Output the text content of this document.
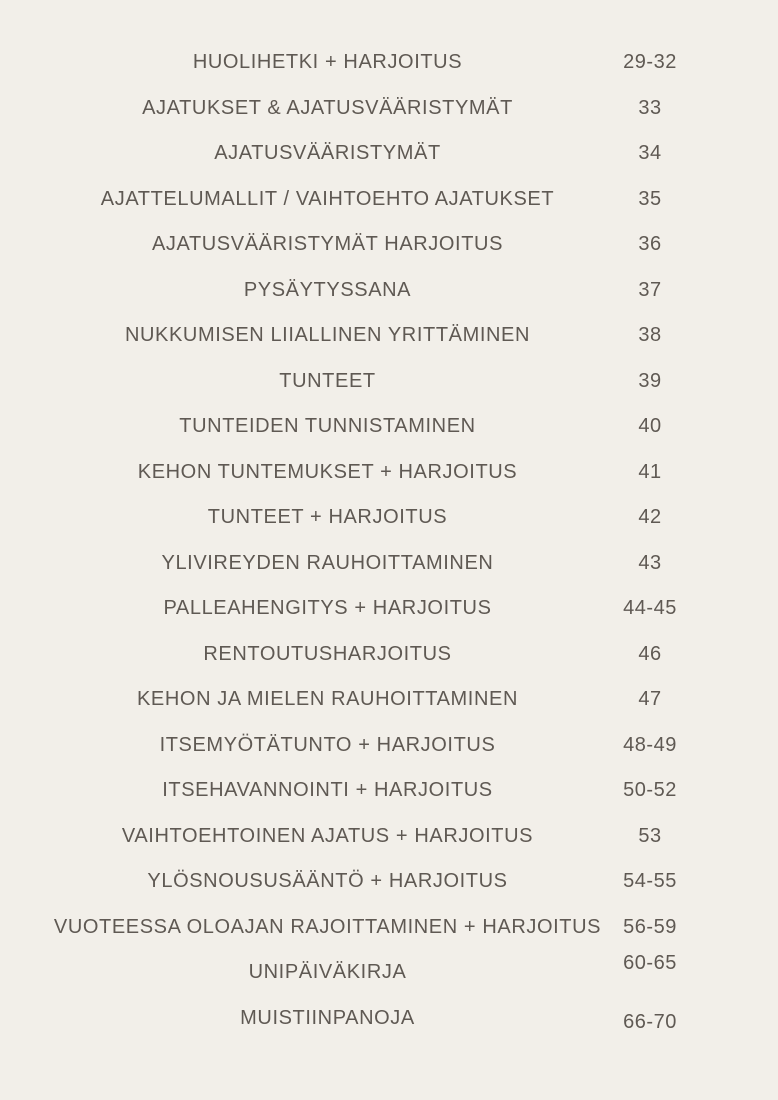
HUOLIHETKI + HARJOITUS	29-32
AJATUKSET & AJATUSVÄÄRISTYMÄT	33
AJATUSVÄÄRISTYMÄT	34
AJATTELUMALLIT / VAIHTOEHTO AJATUKSET	35
AJATUSVÄÄRISTYMÄT HARJOITUS	36
PYSÄYTYSSANA	37
NUKKUMISEN LIIALLINEN YRITTÄMINEN	38
TUNTEET	39
TUNTEIDEN TUNNISTAMINEN	40
KEHON TUNTEMUKSET + HARJOITUS	41
TUNTEET + HARJOITUS	42
YLIVIREYDEN RAUHOITTAMINEN	43
PALLEAHENGITYS + HARJOITUS	44-45
RENTOUTUSHARJOITUS	46
KEHON JA MIELEN RAUHOITTAMINEN	47
ITSEMYÖTÄTUNTO + HARJOITUS	48-49
ITSEHAVANNOINTI + HARJOITUS	50-52
VAIHTOEHTOINEN AJATUS + HARJOITUS	53
YLÖSNOUSUSÄÄNTÖ + HARJOITUS	54-55
VUOTEESSA OLOAJAN RAJOITTAMINEN + HARJOITUS	56-59
UNIPÄIVÄKIRJA	60-65
MUISTIINPANOJA	66-70
